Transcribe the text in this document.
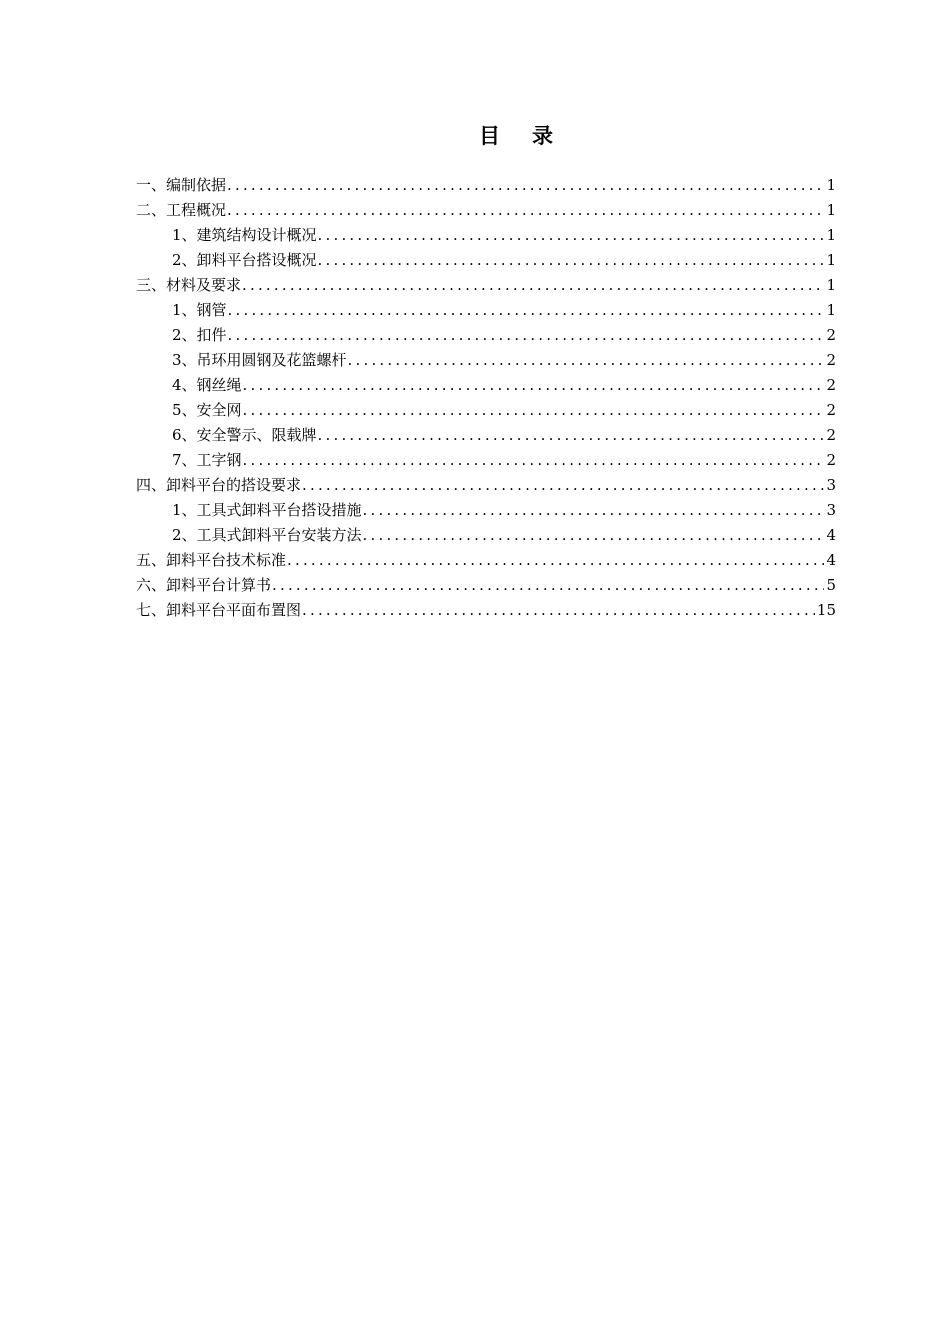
目 录
一、编制依据 .....	1
二、工程概况 .....	1
1、建筑结构设计概况 .....	1
2、卸料平台搭设概况 .....	1
三、材料及要求 .....	1
1、钢管 .....	1
2、扣件 .....	2
3、吊环用圆钢及花篮螺杆 .....	2
4、钢丝绳 .....	2
5、安全网 .....	2
6、安全警示、限载牌 .....	2
7、工字钢 .....	2
四、卸料平台的搭设要求 .....	3
1、工具式卸料平台搭设措施 .....	3
2、工具式卸料平台安装方法 .....	4
五、卸料平台技术标准 .....	4
六、卸料平台计算书 .....	5
七、卸料平台平面布置图 .....	15
